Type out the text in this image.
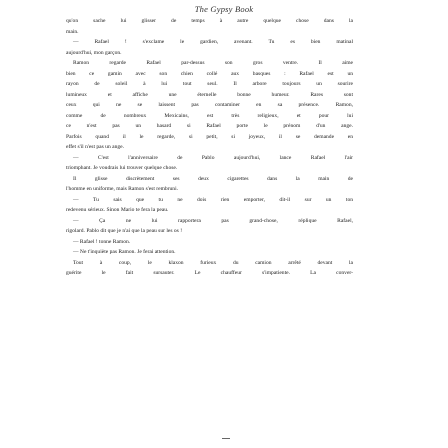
The Gypsy Book
qu'on sache lui glisser de temps à autre quelque chose dans la
main.
— Rafael ! s'exclame le gardien, avenant. Tu es bien matinal
aujourd'hui, mon garçon.
Ramon regarde Rafael par-dessus son gros ventre. Il aime
bien ce gamin avec son chien collé aux basques : Rafael est un
rayon de soleil à lui tout seul. Il arbore toujours un sourire
lumineux et affiche une éternelle bonne humeur. Rares sont
ceux qui ne se laissent pas contaminer en sa présence. Ramon,
comme de nombreux Mexicains, est très religieux, et pour lui
ce n'est pas un hasard si Rafael porte le prénom d'un ange.
Parfois quand il le regarde, si petit, si joyeux, il se demande en
effet s'il n'est pas un ange.
— C'est l'anniversaire de Pablo aujourd'hui, lance Rafael l'air
triomphant. Je voudrais lui trouver quelque chose.
Il glisse discrètement ses deux cigarettes dans la main de
l'homme en uniforme, mais Ramon s'est rembruni.
— Tu sais que tu ne dois rien emporter, dit-il sur un ton
redevenu sérieux. Sinon Mario te fera la peau.
— Ça ne lui rapportera pas grand-chose, réplique Rafael,
rigolard. Pablo dit que je n'ai que la peau sur les os !
— Rafael ! tonne Ramon.
— Ne t'inquiète pas Ramon. Je ferai attention.
Tout à coup, le klaxon furieux du camion arrêté devant la
guérite le fait sursauter. Le chauffeur s'impatiente. La conver-
